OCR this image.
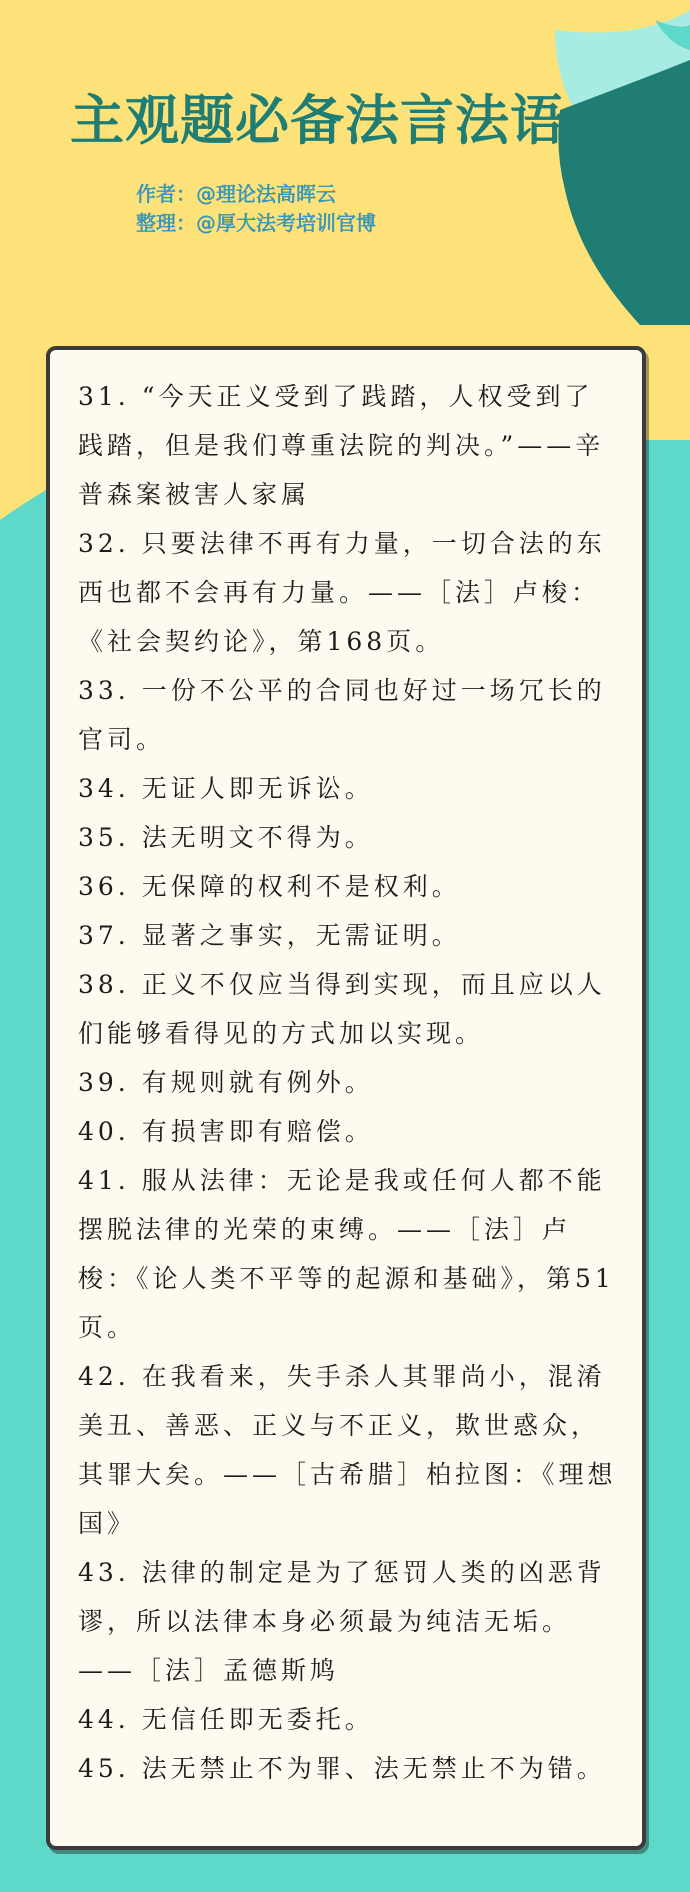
主观题必备法言法语
作者：@理论法高晖云
整理：@厚大法考培训官博
31. “今天正义受到了践踏，人权受到了践踏，但是我们尊重法院的判决。”——辛普森案被害人家属
32. 只要法律不再有力量，一切合法的东西也都不会再有力量。——［法］卢梭：《社会契约论》，第168页。
33. 一份不公平的合同也好过一场冗长的官司。
34. 无证人即无诉讼。
35. 法无明文不得为。
36. 无保障的权利不是权利。
37. 显著之事实，无需证明。
38. 正义不仅应当得到实现，而且应以人们能够看得见的方式加以实现。
39. 有规则就有例外。
40. 有损害即有赔偿。
41. 服从法律：无论是我或任何人都不能摆脱法律的光荣的束缚。——［法］卢梭：《论人类不平等的起源和基础》，第51页。
42. 在我看来，失手杀人其罪尚小，混淆美丑、善恶、正义与不正义，欺世惑众，其罪大矣。——［古希腊］柏拉图：《理想国》
43. 法律的制定是为了惩罚人类的凶恶背谬，所以法律本身必须最为纯洁无垢。——［法］孟德斯鸠
44. 无信任即无委托。
45. 法无禁止不为罪、法无禁止不为错。
